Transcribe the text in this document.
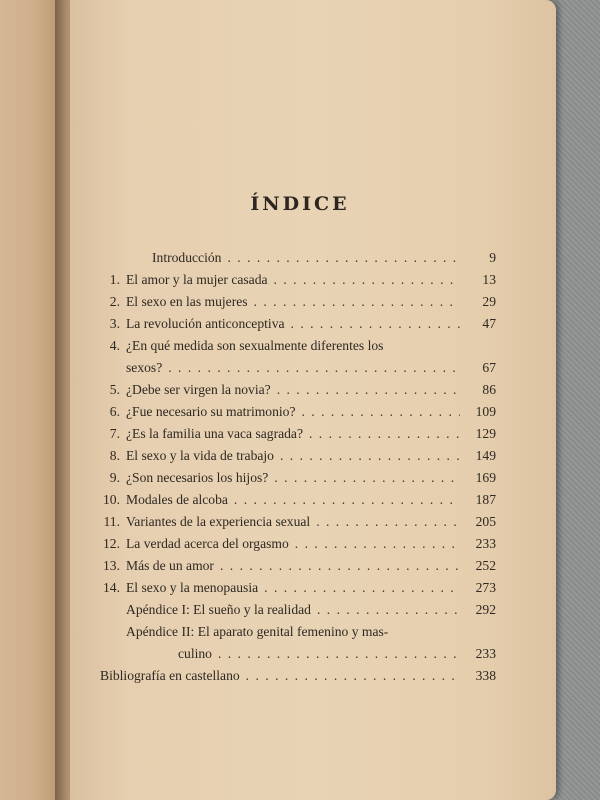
ÍNDICE
Introducción . . .	9
1. El amor y la mujer casada . . .	13
2. El sexo en las mujeres . . .	29
3. La revolución anticonceptiva . . .	47
4. ¿En qué medida son sexualmente diferentes los
sexos? . . .	67
5. ¿Debe ser virgen la novia? . . .	86
6. ¿Fue necesario su matrimonio? . . .	109
7. ¿Es la familia una vaca sagrada? . . .	129
8. El sexo y la vida de trabajo . . .	149
9. ¿Son necesarios los hijos? . . .	169
10. Modales de alcoba . . .	187
11. Variantes de la experiencia sexual . . .	205
12. La verdad acerca del orgasmo . . .	233
13. Más de un amor . . .	252
14. El sexo y la menopausia . . .	273
Apéndice I: El sueño y la realidad . . .	292
Apéndice II: El aparato genital femenino y mas-
culino . . .	233
Bibliografía en castellano . . .	338
